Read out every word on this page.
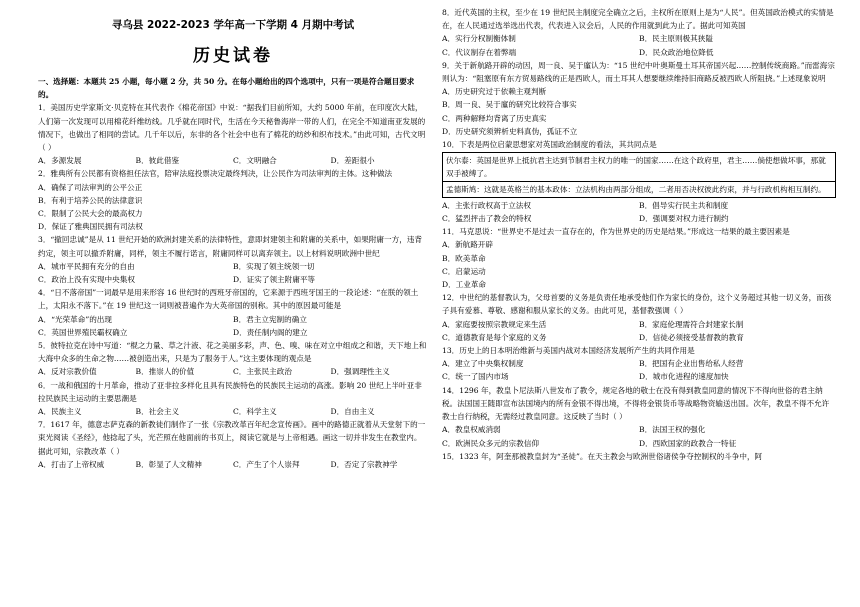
寻乌县 2022-2023 学年高一下学期 4 月期中考试
历史试卷

一、选择题：本题共 25 小题，每小题 2 分，共 50 分。在每小题给出的四个选项中，只有一项是符合题目要求的。

1．美国历史学家斯文·贝克特在其代表作《棉花帝国》中说：“据我们目前所知，大约 5000 年前，在印度次大陆，人们第一次发现可以用棉花纤维纺线。几乎就在同时代，生活在今天秘鲁海岸一带的人们，在完全不知道南亚发展的情况下，也做出了相同的尝试。几千年以后，东非的各个社会中也有了棉花的纺纱和织布技术。”由此可知，古代文明（ ）

A．多源发展	B．彼此借鉴	C．文明融合	D．差距很小

2．雅典所有公民都有资格担任法官，陪审法庭投票决定最终判决，让公民作为司法审判的主体。这种做法

A．确保了司法审判的公平公正
B．有利于培养公民的法律意识
C．限制了公民大会的最高权力
D．保证了雅典国民拥有司法权

3．“撤回忠诚”是从 11 世纪开始的欧洲封建关系的法律特性，意即封建领主和附庸的关系中，如果附庸一方，违背约定，领主可以撤乔附庸，同样，领主不履行诺言，附庸同样可以离弃领主。以上材料说明欧洲中世纪

A．城市平民拥有充分的自由	B．实现了领主统领一切
C．政治上没有实现中央集权	D．证实了领主附庸平等

4．“日不落帝国”一词最早是用来形容 16 世纪时的西班牙帝国的，它来源于西班牙国王的一段论述：“在朕的领土上，太阳永不落下。”在 19 世纪这一词则被普遍作为大英帝国的别称。其中的原因最可能是

A．“光荣革命”的出现	B．君主立宪制的确立
C．英国世界殖民霸权确立	D．责任制内阁的建立

5．彼特拉克在诗中写道：“棍之力量、草之汁液、花之美丽多彩，声、色、嗅、味在对立中组成之和谐，天下地上和大海中众多的生命之物……被创造出来，只是为了服务于人。”这主要体现的观点是

A．反对宗教价值	B．推崇人的价值	C．主张民主政治	D．强调理性主义

6．一战和俄国的十月革命，推动了亚非拉多样化且具有民族特色的民族民主运动的高涨。影响 20 世纪上半叶亚非拉民族民主运动的主要思潮是

A．民族主义	B．社会主义	C．科学主义	D．自由主义

7．1617 年，德意志萨克森的新教徒们制作了一张《宗教改革百年纪念宣传画》。画中的路德正就着从天堂射下的一束光阅读《圣经》，他捻起了头，光芒照在他面前的书页上，阅读它就是与上帝相遇。画这一切并非发生在教堂内。据此可知，宗教改革（ ）

A．打击了上帝权威	B．彰显了人文精神	C．产生了个人崇拜	D．否定了宗教神学

8．近代英国的主权，至少在 19 世纪民主制度完全确立之后，主权所在原则上是为“人民”。但英国政治模式的实情是在，在人民通过选举选出代表，代表进入议会后，人民的作用就到此为止了。据此可知英国

A．实行分权制衡体制	B．民主原则极其狭隘
C．代议制存在着弊端	D．民众政治地位降低

9．关于新航路开辟的动因，周一良、吴于廑认为：“15 世纪中叶奥斯曼土耳其帝国兴起……控制传统商路。”而雷海宗则认为：“阻塞原有东方贸易路线的正是西欧人，而土耳其人想要继续维持旧商路反被西欧人所阻挠。”上述现象说明

A．历史研究过于依赖主观判断
B．周一良、吴于廑的研究比较符合事实
C．两种解释均背离了历史真实
D．历史研究须辨析史料真伪，孤证不立

10．下表是两位启蒙思想家对英国政治制度的看法，其共同点是

伏尔泰：英国是世界上抵抗君主达到节制君主权力的唯一的国家……在这个政府里，君主……倘使想做坏事，那就双手被缚了。

孟德斯鸠：这就是英格兰的基本政体：立法机构由两部分组成，二者用否决权彼此约束，并与行政机构相互制约。

A．主张行政权高于立法权	B．倡导实行民主共和制度
C．猛烈抨击了教会的特权	D．强调要对权力进行制约

11．马克思说：“世界史不是过去一直存在的，作为世界史的历史是结果。”形成这一结果的最主要因素是

A．新航路开辟
B．欧美革命
C．启蒙运动
D．工业革命

12．中世纪的基督教认为，父母首要的义务是负责任地承受他们作为家长的身份，这个义务超过其他一切义务，而孩子具有爱慕、尊敬、感谢和服从家长的义务。由此可见，基督教强调（ ）

A．家庭要按照宗教规定来生活	B．家庭伦理需符合封建家长制
C．道德教育是每个家庭的义务	D．信徒必须接受基督教的教育

13．历史上的日本明治维新与美国内战对本国经济发展所产生的共同作用是

A．建立了中央集权制度	B．把国有企业出售给私人经营
C．统一了国内市场	D．城市化进程的速度加快

14．1296 年，教皇卜尼法斯八世发布了教令，规定各地的敬士在没有得到教皇同意的情况下不得向世俗的君主纳税。法国国王随即宣布法国境内的所有金银不得出境，不得将金银货币等战略物资输送出国。次年，教皇不得不允许教士自行纳税，无需经过教皇同意。这反映了当时（ ）

A．教皇权威消弱	B．法国王权的强化
C．欧洲民众多元的宗教信仰	D．西欧国家的政教合一特征

15．1323 年，阿奎那被教皇封为“圣徒”。在天主教会与欧洲世俗诸侯争夺控制权的斗争中，阿
